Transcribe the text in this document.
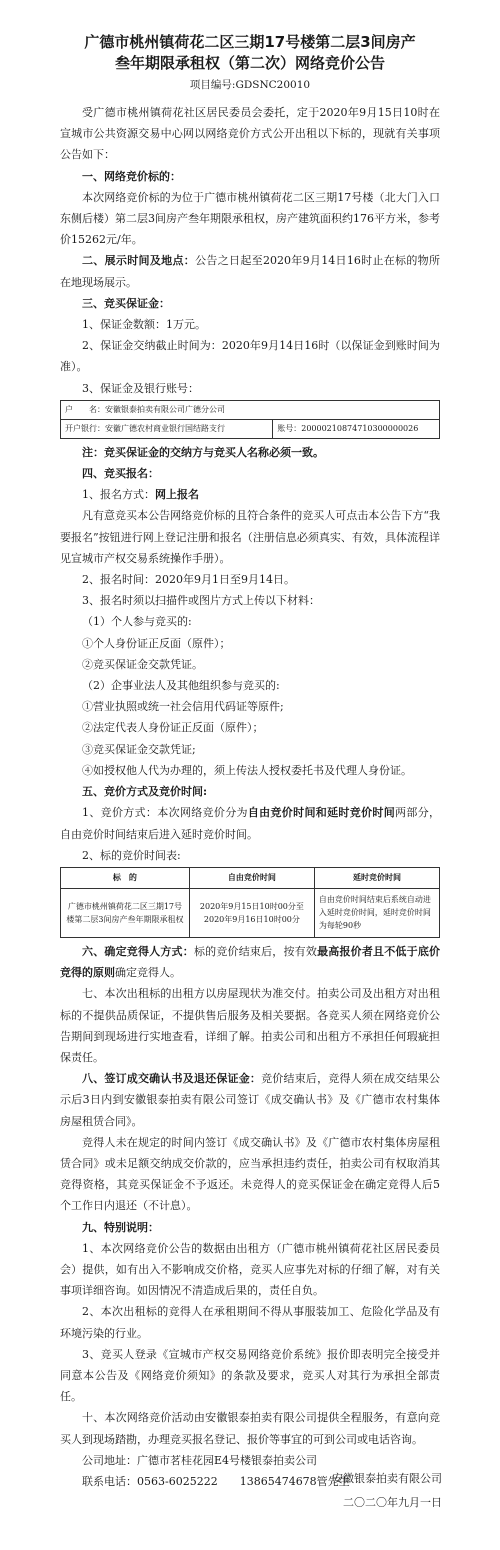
广德市桃州镇荷花二区三期17号楼第二层3间房产
叁年期限承租权（第二次）网络竞价公告
项目编号:GDSNC20010

受广德市桃州镇荷花社区居民委员会委托，定于2020年9月15日10时在宣城市公共资源交易中心网以网络竞价方式公开出租以下标的，现就有关事项公告如下：

一、网络竞价标的：

本次网络竞价标的为位于广德市桃州镇荷花二区三期17号楼（北大门入口东侧后楼）第二层3间房产叁年期限承租权，房产建筑面积约176平方米，参考价15262元/年。

二、展示时间及地点：公告之日起至2020年9月14日16时止在标的物所在地现场展示。

三、竞买保证金：

1、保证金数额：1万元。

2、保证金交纳截止时间为：2020年9月14日16时（以保证金到账时间为准）。

3、保证金及银行账号：

户　　名：安徽银泰拍卖有限公司广德分公司
开户银行：安徽广德农村商业银行国结路支行	账号：20000210874710300000026

注：竞买保证金的交纳方与竞买人名称必须一致。

四、竞买报名：

1、报名方式：网上报名

凡有意竞买本公告网络竞价标的且符合条件的竞买人可点击本公告下方“我要报名”按钮进行网上登记注册和报名（注册信息必须真实、有效，具体流程详见宣城市产权交易系统操作手册）。

2、报名时间：2020年9月1日至9月14日。

3、报名时须以扫描件或图片方式上传以下材料：

（1）个人参与竞买的:

①个人身份证正反面（原件）；

②竞买保证金交款凭证。

（2）企事业法人及其他组织参与竞买的:

①营业执照或统一社会信用代码证等原件;

②法定代表人身份证正反面（原件）；

③竞买保证金交款凭证;

④如授权他人代为办理的，须上传法人授权委托书及代理人身份证。

五、竞价方式及竞价时间:

1、竞价方式：本次网络竞价分为自由竞价时间和延时竞价时间两部分，自由竞价时间结束后进入延时竞价时间。

2、标的竞价时间表:

标　的	自由竞价时间	延时竞价时间
广德市桃州镇荷花二区三期17号楼第二层3间房产叁年期限承租权	2020年9月15日10时00分至2020年9月16日10时00分	自由竞价时间结束后系统自动进入延时竞价时间，延时竞价时间为每轮90秒

六、确定竞得人方式：标的竞价结束后，按有效最高报价者且不低于底价竞得的原则确定竞得人。

七、本次出租标的出租方以房屋现状为准交付。拍卖公司及出租方对出租标的不提供品质保证，不提供售后服务及相关要据。各竞买人须在网络竞价公告期间到现场进行实地查看，详细了解。拍卖公司和出租方不承担任何瑕疵担保责任。

八、签订成交确认书及退还保证金：竞价结束后，竞得人须在成交结果公示后3日内到安徽银泰拍卖有限公司签订《成交确认书》及《广德市农村集体房屋租赁合同》。

竞得人未在规定的时间内签订《成交确认书》及《广德市农村集体房屋租赁合同》或未足额交纳成交价款的，应当承担违约责任，拍卖公司有权取消其竞得资格，其竞买保证金不予返还。未竞得人的竞买保证金在确定竞得人后5个工作日内退还（不计息）。

九、特别说明：

1、本次网络竞价公告的数据由出租方（广德市桃州镇荷花社区居民委员会）提供，如有出入不影响成交价格，竞买人应事先对标的仔细了解，对有关事项详细咨询。如因情况不清造成后果的，责任自负。

2、本次出租标的竞得人在承租期间不得从事服装加工、危险化学品及有环境污染的行业。

3、竞买人登录《宣城市产权交易网络竞价系统》报价即表明完全接受并同意本公告及《网络竞价须知》的条款及要求，竞买人对其行为承担全部责任。

十、本次网络竞价活动由安徽银泰拍卖有限公司提供全程服务，有意向竞买人到现场踏勘，办理竞买报名登记、报价等事宜的可到公司或电话咨询。

公司地址：广德市茗桂花园E4号楼银泰拍卖公司

联系电话：0563-6025222　　13865474678管先生

安徽银泰拍卖有限公司
二〇二〇年九月一日
